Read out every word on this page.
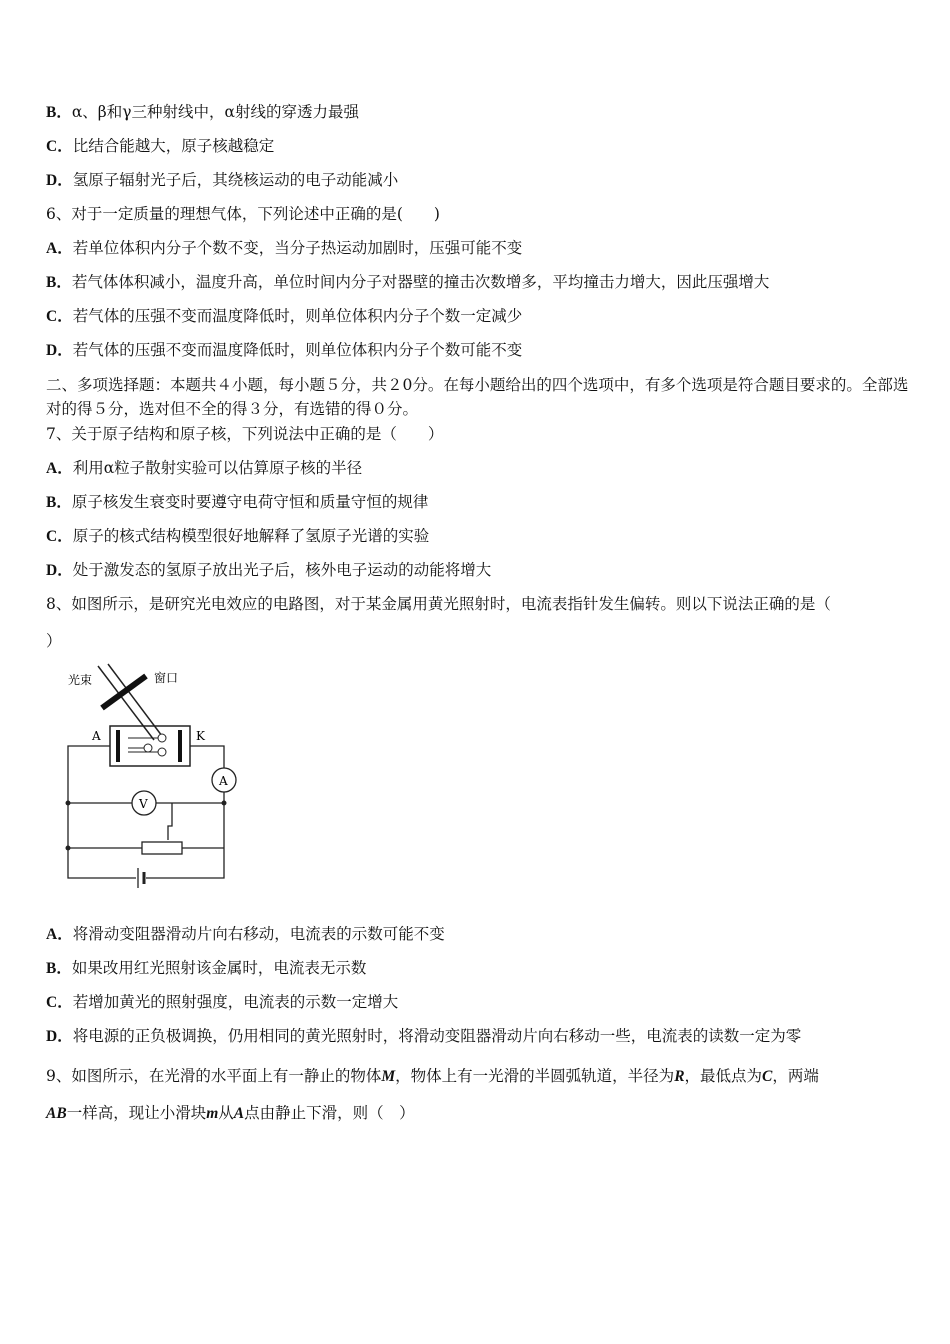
B．α、β和γ三种射线中，α射线的穿透力最强
C．比结合能越大，原子核越稳定
D．氢原子辐射光子后，其绕核运动的电子动能减小
6、对于一定质量的理想气体，下列论述中正确的是(　　)
A．若单位体积内分子个数不变，当分子热运动加剧时，压强可能不变
B．若气体体积减小，温度升高，单位时间内分子对器壁的撞击次数增多，平均撞击力增大，因此压强增大
C．若气体的压强不变而温度降低时，则单位体积内分子个数一定减少
D．若气体的压强不变而温度降低时，则单位体积内分子个数可能不变
二、多项选择题：本题共４小题，每小题５分，共２0分。在每小题给出的四个选项中，有多个选项是符合题目要求的。全部选对的得５分，选对但不全的得３分，有选错的得０分。
7、关于原子结构和原子核，下列说法中正确的是（　　）
A．利用α粒子散射实验可以估算原子核的半径
B．原子核发生衰变时要遵守电荷守恒和质量守恒的规律
C．原子的核式结构模型很好地解释了氢原子光谱的实验
D．处于激发态的氢原子放出光子后，核外电子运动的动能将增大
8、如图所示，是研究光电效应的电路图，对于某金属用黄光照射时，电流表指针发生偏转。则以下说法正确的是（
）
光束	窗口
A	K
A
V
A．将滑动变阻器滑动片向右移动，电流表的示数可能不变
B．如果改用红光照射该金属时，电流表无示数
C．若增加黄光的照射强度，电流表的示数一定增大
D．将电源的正负极调换，仍用相同的黄光照射时，将滑动变阻器滑动片向右移动一些，电流表的读数一定为零
9、如图所示，在光滑的水平面上有一静止的物体M，物体上有一光滑的半圆弧轨道，半径为R，最低点为C，两端
AB一样高，现让小滑块m从A点由静止下滑，则（　）
